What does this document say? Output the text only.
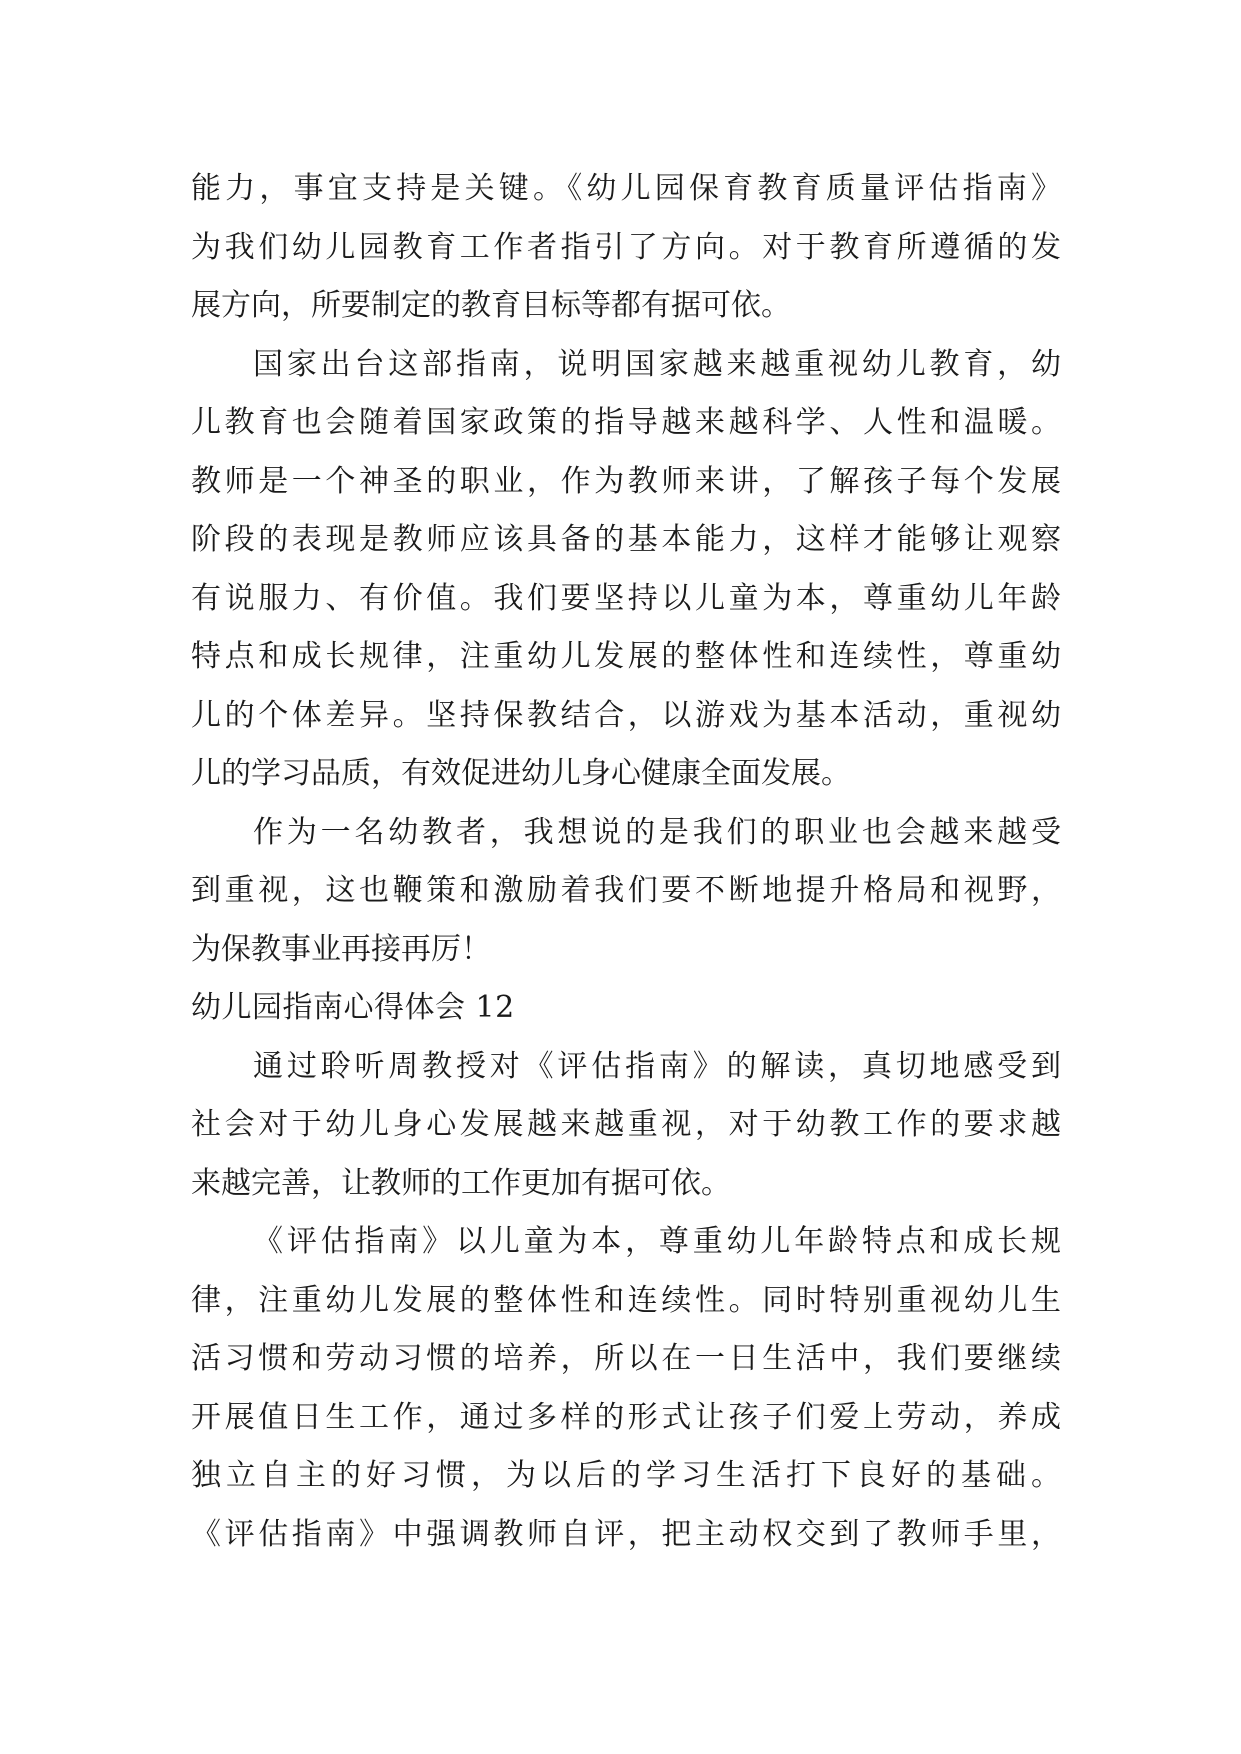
能力，事宜支持是关键。《幼儿园保育教育质量评估指南》
为我们幼儿园教育工作者指引了方向。对于教育所遵循的发
展方向，所要制定的教育目标等都有据可依。
国家出台这部指南，说明国家越来越重视幼儿教育，幼
儿教育也会随着国家政策的指导越来越科学、人性和温暖。
教师是一个神圣的职业，作为教师来讲，了解孩子每个发展
阶段的表现是教师应该具备的基本能力，这样才能够让观察
有说服力、有价值。我们要坚持以儿童为本，尊重幼儿年龄
特点和成长规律，注重幼儿发展的整体性和连续性，尊重幼
儿的个体差异。坚持保教结合，以游戏为基本活动，重视幼
儿的学习品质，有效促进幼儿身心健康全面发展。
作为一名幼教者，我想说的是我们的职业也会越来越受
到重视，这也鞭策和激励着我们要不断地提升格局和视野，
为保教事业再接再厉！
幼儿园指南心得体会 12
通过聆听周教授对《评估指南》的解读，真切地感受到
社会对于幼儿身心发展越来越重视，对于幼教工作的要求越
来越完善，让教师的工作更加有据可依。
《评估指南》以儿童为本，尊重幼儿年龄特点和成长规
律，注重幼儿发展的整体性和连续性。同时特别重视幼儿生
活习惯和劳动习惯的培养，所以在一日生活中，我们要继续
开展值日生工作，通过多样的形式让孩子们爱上劳动，养成
独立自主的好习惯，为以后的学习生活打下良好的基础。
《评估指南》中强调教师自评，把主动权交到了教师手里，
